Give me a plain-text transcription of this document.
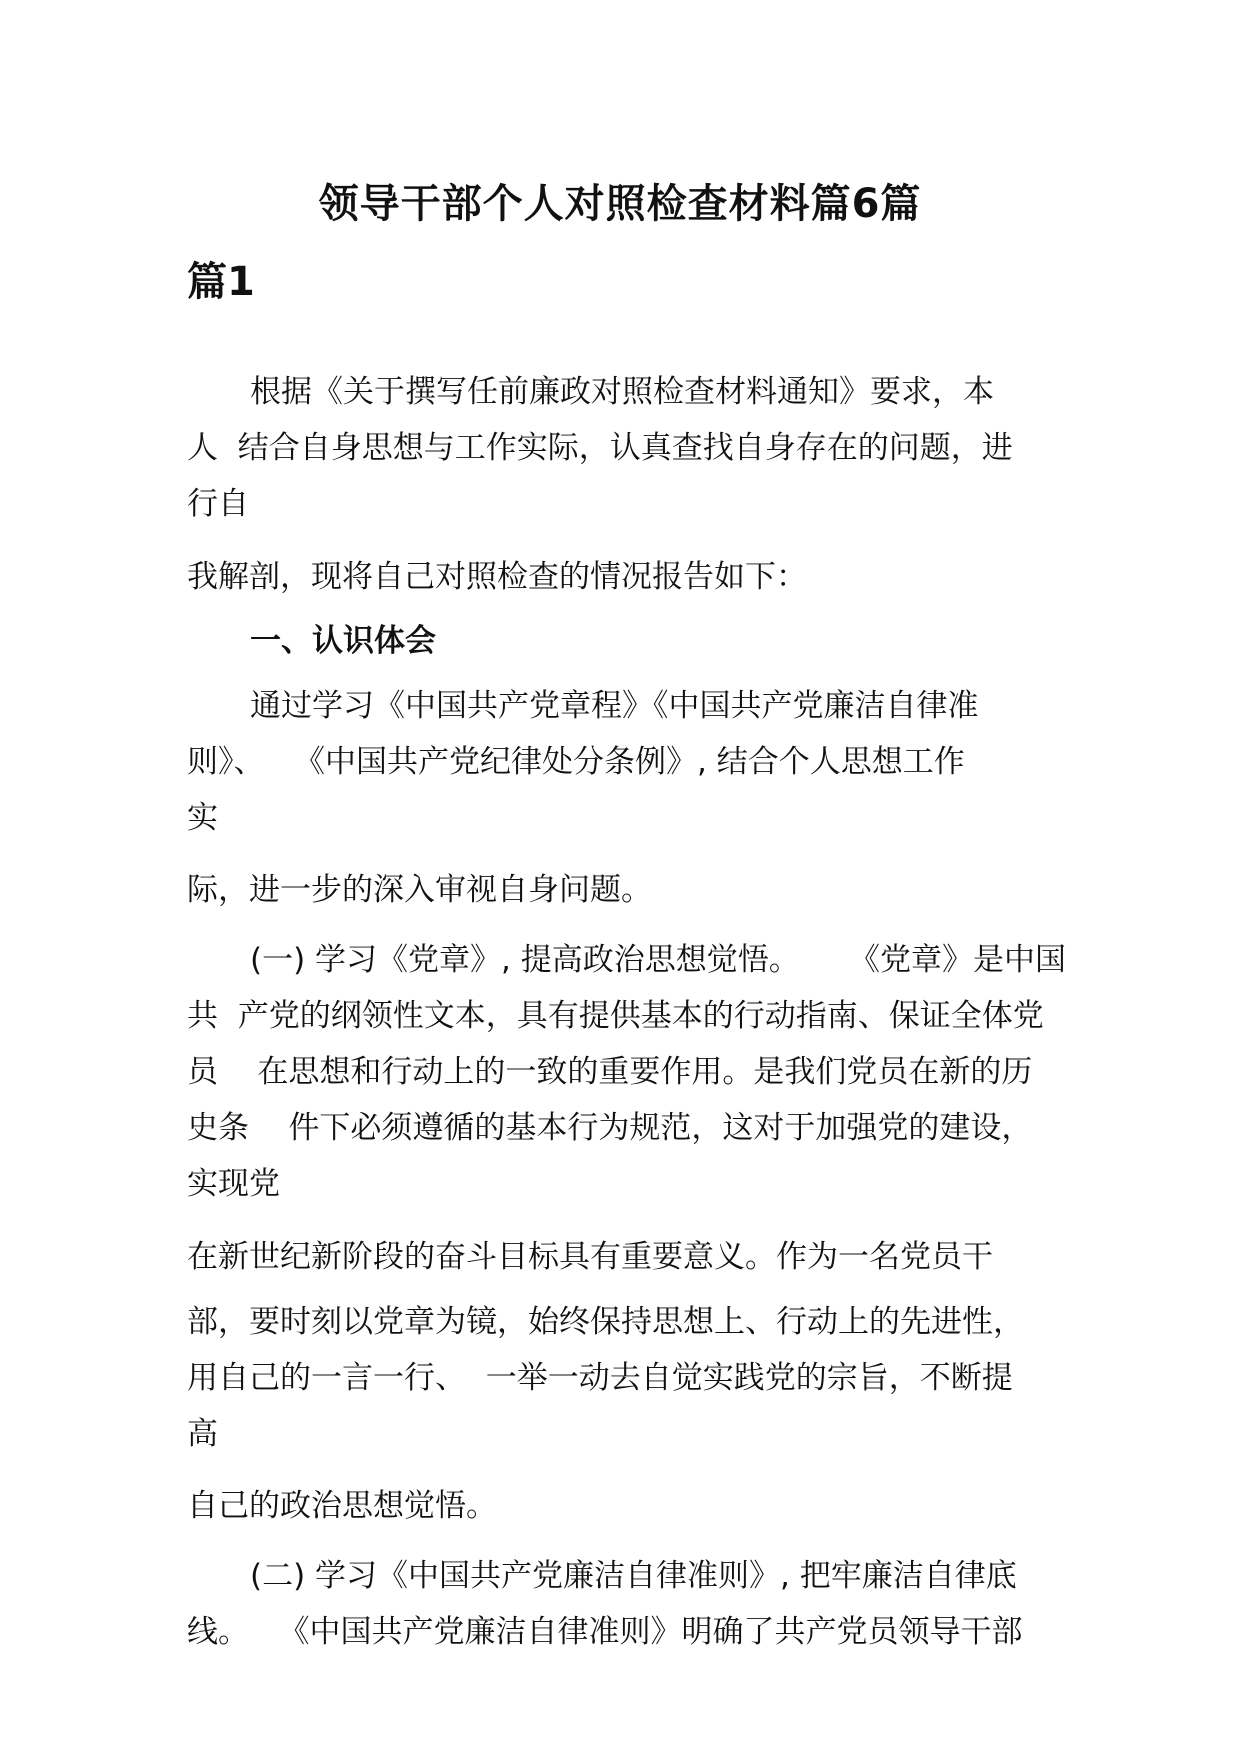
领导干部个人对照检查材料篇6篇
篇1
根据《关于撰写任前廉政对照检查材料通知》要求，本
人  结合自身思想与工作实际，认真查找自身存在的问题，进
行自
我解剖，现将自己对照检查的情况报告如下：
一、认识体会
通过学习《中国共产党章程》《中国共产党廉洁自律准
则》、   《中国共产党纪律处分条例》, 结合个人思想工作
实
际，进一步的深入审视自身问题。
(一) 学习《党章》, 提高政治思想觉悟。     《党章》是中国
共  产党的纲领性文本，具有提供基本的行动指南、保证全体党
员    在思想和行动上的一致的重要作用。是我们党员在新的历
史条    件下必须遵循的基本行为规范，这对于加强党的建设，
实现党
在新世纪新阶段的奋斗目标具有重要意义。作为一名党员干
部，要时刻以党章为镜，始终保持思想上、行动上的先进性，
用自己的一言一行、  一举一动去自觉实践党的宗旨，不断提
高
自己的政治思想觉悟。
(二) 学习《中国共产党廉洁自律准则》, 把牢廉洁自律底
线。   《中国共产党廉洁自律准则》明确了共产党员领导干部
